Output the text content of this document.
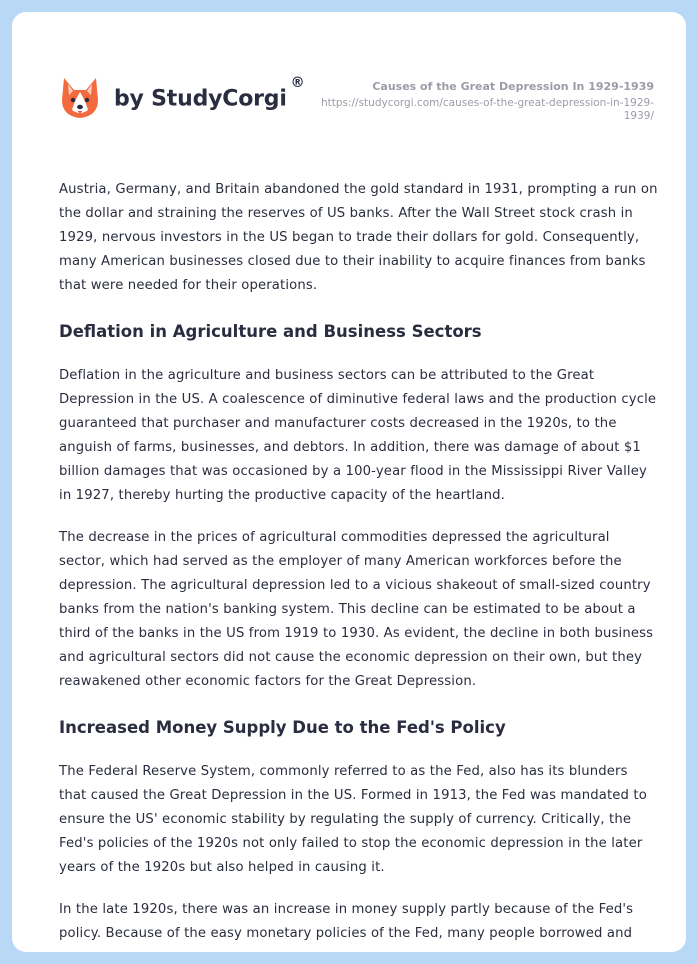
by StudyCorgi®	Causes of the Great Depression In 1929-1939
https://studycorgi.com/causes-of-the-great-depression-in-1929-1939/

Austria, Germany, and Britain abandoned the gold standard in 1931, prompting a run on the dollar and straining the reserves of US banks. After the Wall Street stock crash in 1929, nervous investors in the US began to trade their dollars for gold. Consequently, many American businesses closed due to their inability to acquire finances from banks that were needed for their operations.

Deflation in Agriculture and Business Sectors

Deflation in the agriculture and business sectors can be attributed to the Great Depression in the US. A coalescence of diminutive federal laws and the production cycle guaranteed that purchaser and manufacturer costs decreased in the 1920s, to the anguish of farms, businesses, and debtors. In addition, there was damage of about $1 billion damages that was occasioned by a 100-year flood in the Mississippi River Valley in 1927, thereby hurting the productive capacity of the heartland.

The decrease in the prices of agricultural commodities depressed the agricultural sector, which had served as the employer of many American workforces before the depression. The agricultural depression led to a vicious shakeout of small-sized country banks from the nation's banking system. This decline can be estimated to be about a third of the banks in the US from 1919 to 1930. As evident, the decline in both business and agricultural sectors did not cause the economic depression on their own, but they reawakened other economic factors for the Great Depression.

Increased Money Supply Due to the Fed's Policy

The Federal Reserve System, commonly referred to as the Fed, also has its blunders that caused the Great Depression in the US. Formed in 1913, the Fed was mandated to ensure the US' economic stability by regulating the supply of currency. Critically, the Fed's policies of the 1920s not only failed to stop the economic depression in the later years of the 1920s but also helped in causing it.

In the late 1920s, there was an increase in money supply partly because of the Fed's policy. Because of the easy monetary policies of the Fed, many people borrowed and
